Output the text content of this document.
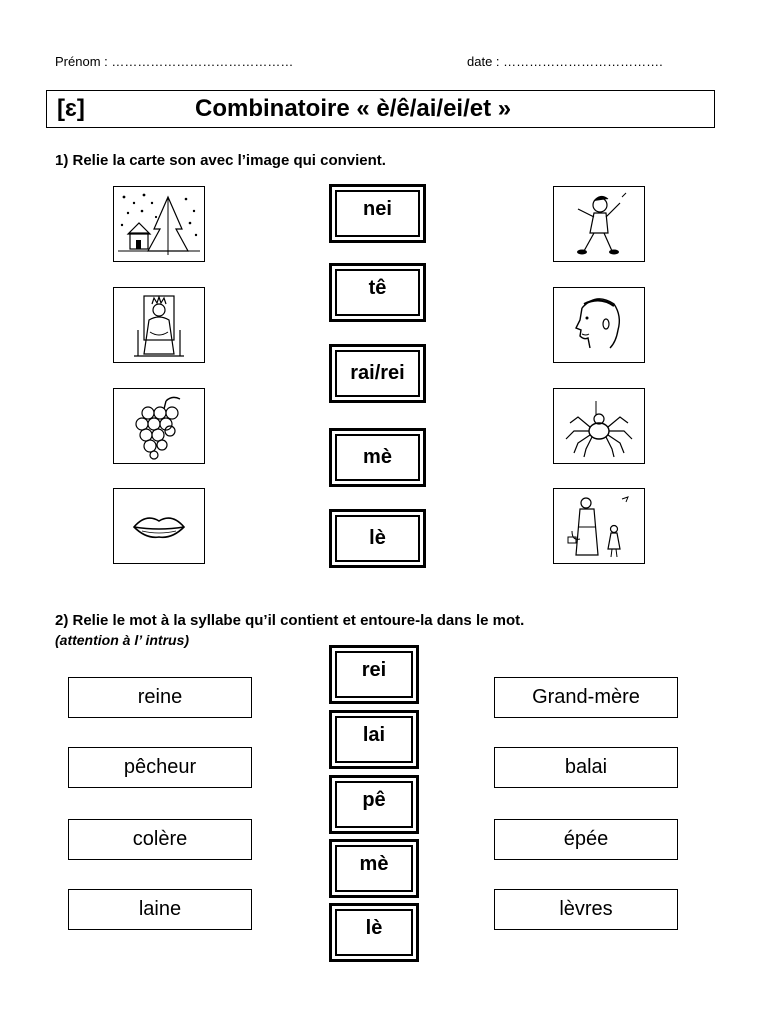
Prénom : ……………………………………	date : ……………………………….
[ɛ]	Combinatoire « è/ê/ai/ei/et »
1) Relie la carte son avec l’image qui convient.
nei
tê
rai/rei
mè
lè
2) Relie le mot à la syllabe qu’il contient et entoure-la dans le mot.
(attention à l’ intrus)
reine
pêcheur
colère
laine
rei
lai
pê
mè
lè
Grand-mère
balai
épée
lèvres
